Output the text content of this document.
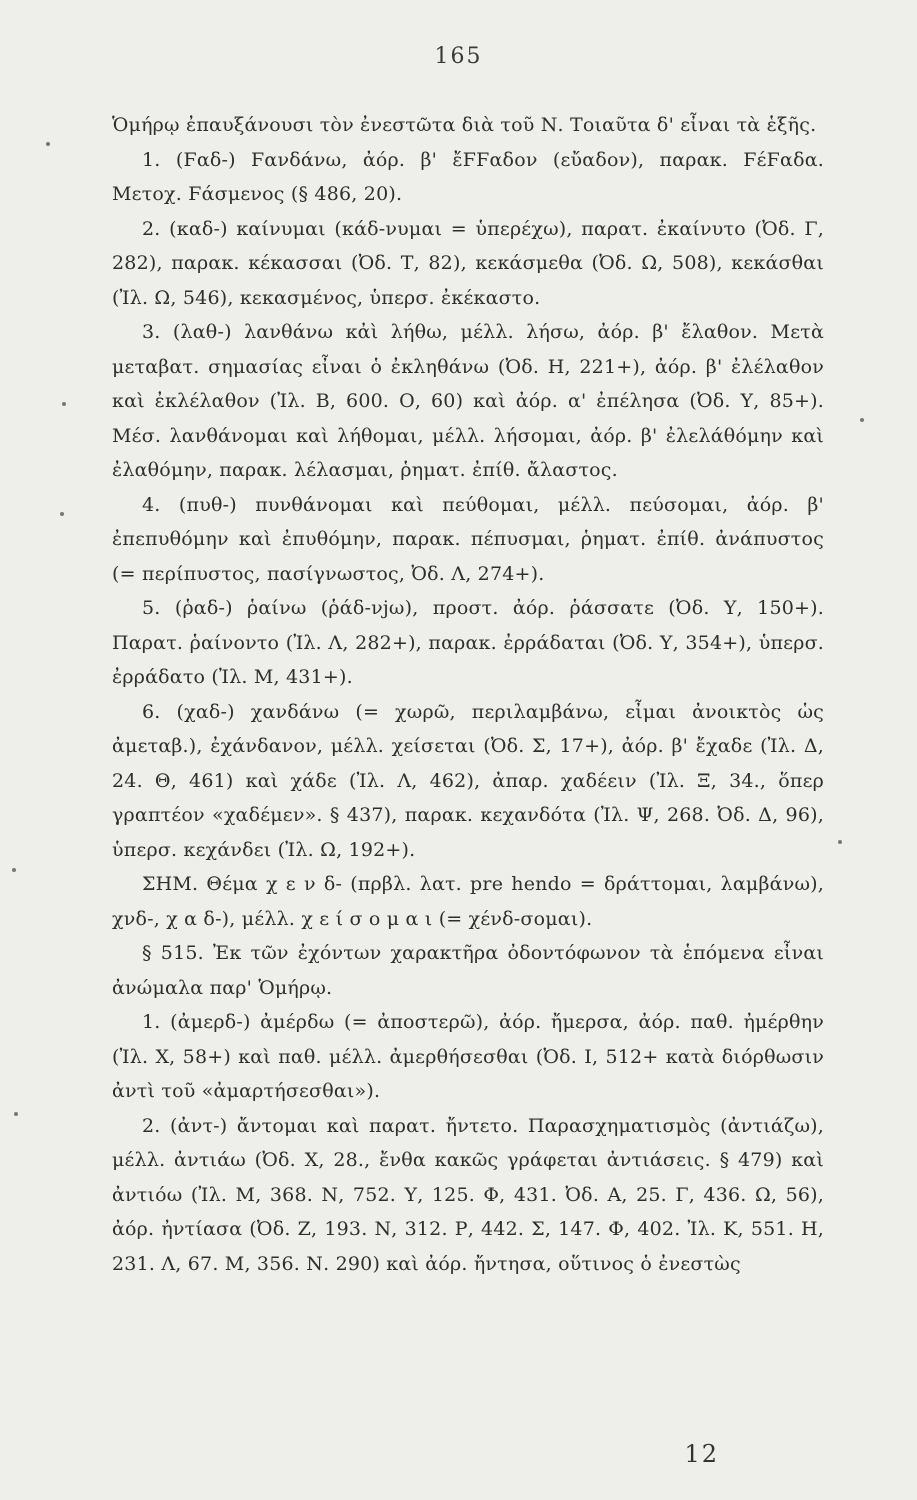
165

Ὁμήρῳ ἐπαυξάνουσι τὸν ἐνεστῶτα διὰ τοῦ Ν. Τοιαῦτα δ' εἶναι τὰ ἑξῆς.

1. (Ϝαδ-) Ϝανδάνω, ἀόρ. β' ἔϜϜαδον (εὔαδον), παρακ. ϜέϜαδα. Μετοχ. Ϝάσμενος (§ 486, 20).

2. (καδ-) καίνυμαι (κάδ-νυμαι = ὑπερέχω), παρατ. ἐκαίνυτο (Ὀδ. Γ, 282), παρακ. κέκασσαι (Ὀδ. Τ, 82), κεκάσμεθα (Ὀδ. Ω, 508), κεκάσθαι (Ἰλ. Ω, 546), κεκασμένος, ὑπερσ. ἐκέκαστο.

3. (λαθ-) λανθάνω κἀὶ λήθω, μέλλ. λήσω, ἀόρ. β' ἔλαθον. Μετὰ μεταβατ. σημασίας εἶναι ὁ ἐκληθάνω (Ὀδ. Η, 221+), ἀόρ. β' ἐλέλαθον καὶ ἐκλέλαθον (Ἰλ. Β, 600. Ο, 60) καὶ ἀόρ. α' ἐπέλησα (Ὀδ. Υ, 85+). Μέσ. λανθάνομαι καὶ λήθομαι, μέλλ. λήσομαι, ἀόρ. β' ἐλελάθόμην καὶ ἐλαθόμην, παρακ. λέλασμαι, ῥηματ. ἐπίθ. ἄλαστος.

4. (πυθ-) πυνθάνομαι καὶ πεύθομαι, μέλλ. πεύσομαι, ἀόρ. β' ἐπεπυθόμην καὶ ἐπυθόμην, παρακ. πέπυσμαι, ῥηματ. ἐπίθ. ἀνάπυστος (= περίπυστος, πασίγνωστος, Ὀδ. Λ, 274+).

5. (ῥαδ-) ῥαίνω (ῥάδ-νjω), προστ. ἀόρ. ῥάσσατε (Ὀδ. Υ, 150+). Παρατ. ῥαίνοντο (Ἰλ. Λ, 282+), παρακ. ἐρράδαται (Ὀδ. Υ, 354+), ὑπερσ. ἐρράδατο (Ἰλ. Μ, 431+).

6. (χαδ-) χανδάνω (= χωρῶ, περιλαμβάνω, εἶμαι ἀνοικτὸς ὡς ἀμεταβ.), ἐχάνδανον, μέλλ. χείσεται (Ὀδ. Σ, 17+), ἀόρ. β' ἔχαδε (Ἰλ. Δ, 24. Θ, 461) καὶ χάδε (Ἰλ. Λ, 462), ἀπαρ. χαδέειν (Ἰλ. Ξ, 34., ὅπερ γραπτέον «χαδέμεν». § 437), παρακ. κεχανδότα (Ἰλ. Ψ, 268. Ὀδ. Δ, 96), ὑπερσ. κεχάνδει (Ἰλ. Ω, 192+).

ΣΗΜ. Θέμα χ ε ν δ- (πρβλ. λατ. pre hendo = δράττομαι, λαμβάνω), χνδ-, χ α δ-), μέλλ. χ ε ί σ ο μ α ι (= χένδ-σομαι).

§ 515. Ἐκ τῶν ἐχόντων χαρακτῆρα ὀδοντόφωνον τὰ ἑπόμενα εἶναι ἀνώμαλα παρ' Ὁμήρῳ.

1. (ἀμερδ-) ἀμέρδω (= ἀποστερῶ), ἀόρ. ἤμερσα, ἀόρ. παθ. ἠμέρθην (Ἰλ. Χ, 58+) καὶ παθ. μέλλ. ἀμερθήσεσθαι (Ὀδ. Ι, 512+ κατὰ διόρθωσιν ἀντὶ τοῦ «ἀμαρτήσεσθαι»).

2. (ἀντ-) ἄντομαι καὶ παρατ. ἤντετο. Παρασχηματισμὸς (ἀντιάζω), μέλλ. ἀντιάω (Ὀδ. Χ, 28., ἔνθα κακῶς γράφεται ἀντιάσεις. § 479) καὶ ἀντιόω (Ἰλ. Μ, 368. Ν, 752. Υ, 125. Φ, 431. Ὀδ. Α, 25. Γ, 436. Ω, 56), ἀόρ. ἠντίασα (Ὀδ. Ζ, 193. Ν, 312. Ρ, 442. Σ, 147. Φ, 402. Ἰλ. Κ, 551. Η, 231. Λ, 67. Μ, 356. Ν. 290) καὶ ἀόρ. ἤντησα, οὕτινος ὁ ἐνεστὼς

12
